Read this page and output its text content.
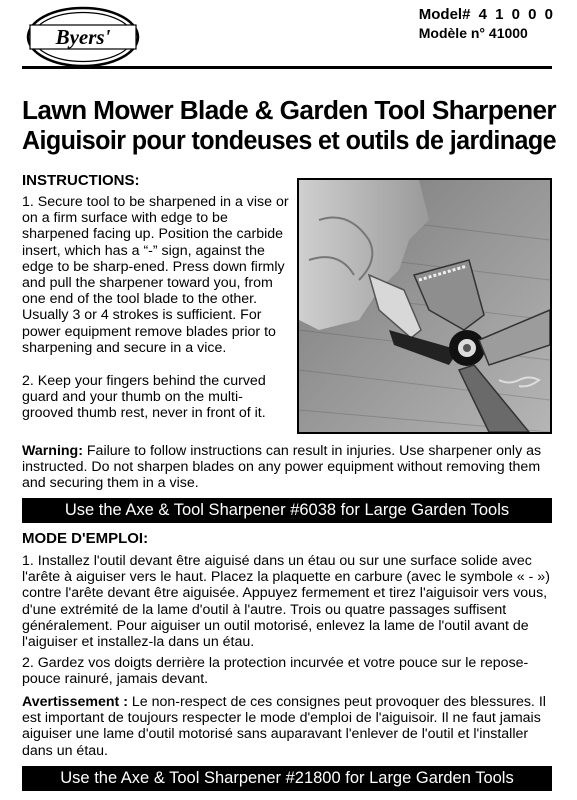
Byers'
Model# 4 1 0 0 0
Modèle n° 41000
Lawn Mower Blade & Garden Tool Sharpener
Aiguisoir pour tondeuses et outils de jardinage
INSTRUCTIONS:
1. Secure tool to be sharpened in a vise or on a firm surface with edge to be sharpened facing up. Position the carbide insert, which has a “-” sign, against the edge to be sharp-ened. Press down firmly and pull the sharpener toward you, from one end of the tool blade to the other. Usually 3 or 4 strokes is sufficient. For power equipment remove blades prior to sharpening and secure in a vice.
2. Keep your fingers behind the curved guard and your thumb on the multi-grooved thumb rest, never in front of it.
Warning: Failure to follow instructions can result in injuries. Use sharpener only as instructed. Do not sharpen blades on any power equipment without removing them and securing them in a vise.
Use the Axe & Tool Sharpener #6038 for Large Garden Tools
MODE D'EMPLOI:
1. Installez l'outil devant être aiguisé dans un étau ou sur une surface solide avec l'arête à aiguiser vers le haut. Placez la plaquette en carbure (avec le symbole « - ») contre l'arête devant être aiguisée. Appuyez fermement et tirez l'aiguisoir vers vous, d'une extrémité de la lame d'outil à l'autre. Trois ou quatre passages suffisent généralement. Pour aiguiser un outil motorisé, enlevez la lame de l'outil avant de l'aiguiser et installez-la dans un étau.
2. Gardez vos doigts derrière la protection incurvée et votre pouce sur le repose-pouce rainuré, jamais devant.
Avertissement : Le non-respect de ces consignes peut provoquer des blessures. Il est important de toujours respecter le mode d'emploi de l'aiguisoir. Il ne faut jamais aiguiser une lame d'outil motorisé sans auparavant l'enlever de l'outil et l'installer dans un étau.
Use the Axe & Tool Sharpener #21800 for Large Garden Tools
